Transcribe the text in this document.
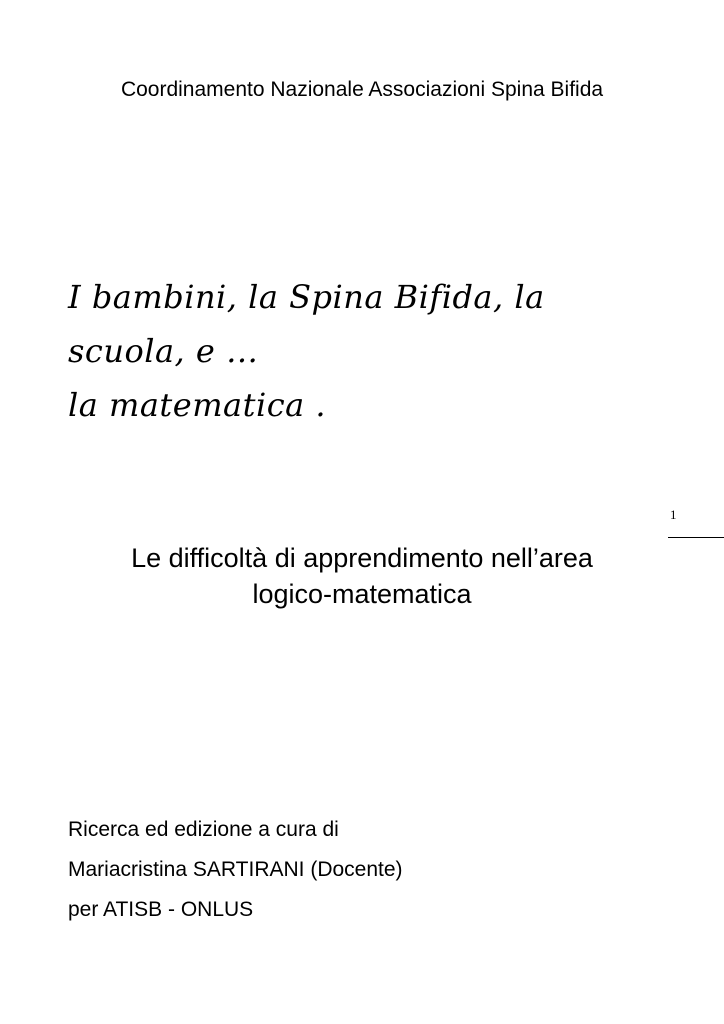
Coordinamento Nazionale Associazioni Spina Bifida
I bambini, la Spina Bifida, la
scuola, e …
la matematica .
1
Le difficoltà di apprendimento nell’area
logico-matematica
Ricerca ed edizione a cura di
Mariacristina SARTIRANI (Docente)
per ATISB - ONLUS
